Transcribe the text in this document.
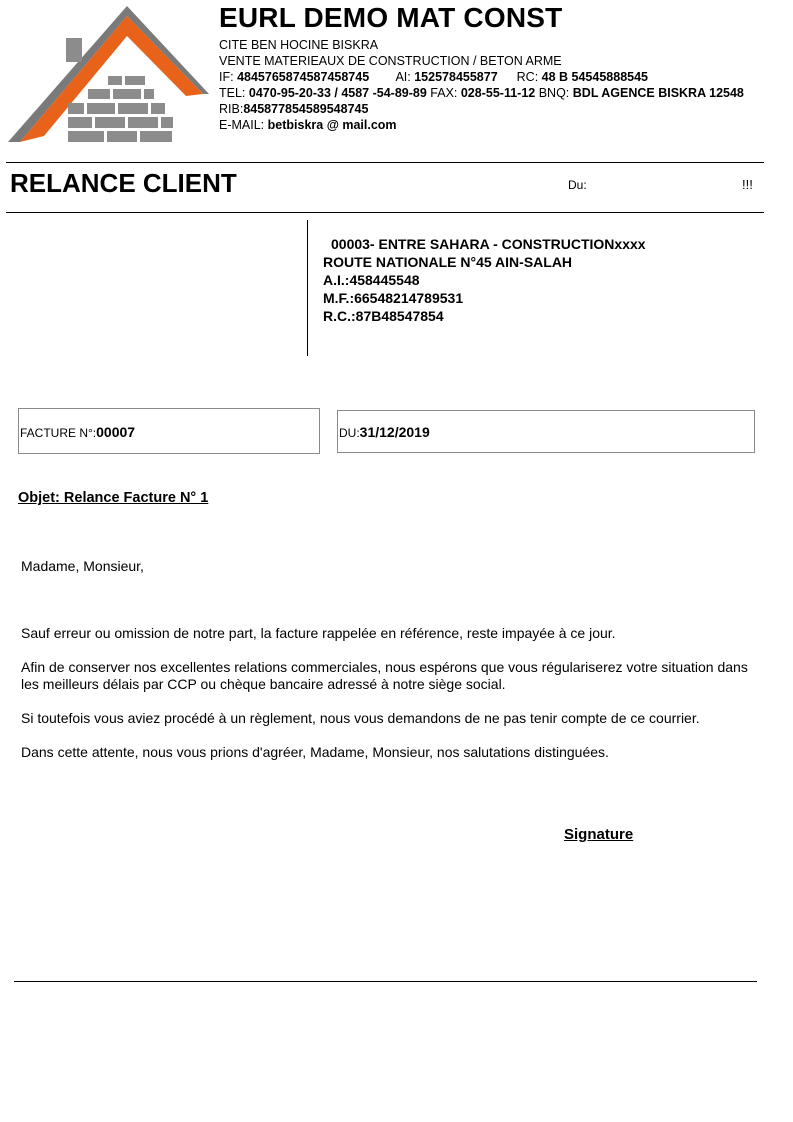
EURL DEMO MAT CONST
CITE BEN HOCINE BISKRA
VENTE MATERIEAUX DE CONSTRUCTION / BETON ARME
IF: 4845765874587458745 AI: 152578455877 RC: 48 B 54545888545
TEL: 0470-95-20-33 / 4587 -54-89-89 FAX: 028-55-11-12 BNQ: BDL AGENCE BISKRA 12548
RIB:845877854589548745
E-MAIL: betbiskra @ mail.com
RELANCE CLIENT	Du:	!!!
00003- ENTRE SAHARA - CONSTRUCTIONxxxx
ROUTE NATIONALE N°45 AIN-SALAH
A.I.:458445548
M.F.:66548214789531
R.C.:87B48547854
FACTURE N°:00007	DU:31/12/2019
Objet: Relance Facture N° 1
Madame, Monsieur,
Sauf erreur ou omission de notre part, la facture rappelée en référence, reste impayée à ce jour.
Afin de conserver nos excellentes relations commerciales, nous espérons que vous régulariserez votre situation dans les meilleurs délais par CCP ou chèque bancaire adressé à notre siège social.
Si toutefois vous aviez procédé à un règlement, nous vous demandons de ne pas tenir compte de ce courrier.
Dans cette attente, nous vous prions d'agréer, Madame, Monsieur, nos salutations distinguées.
Signature
